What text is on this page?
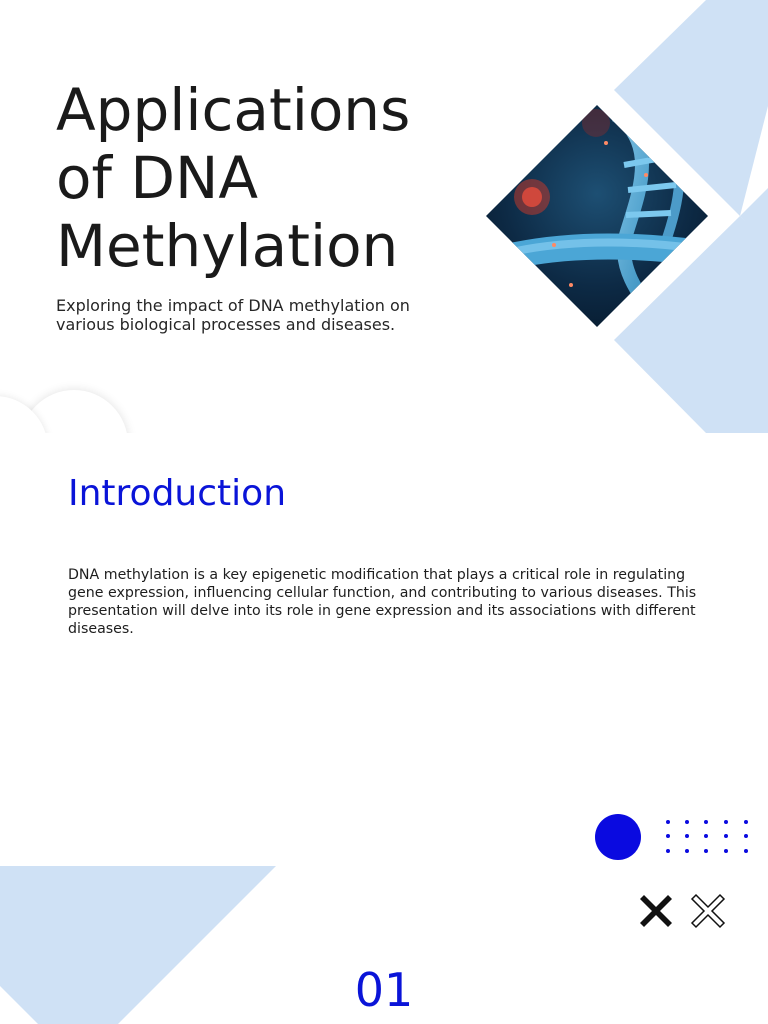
Applications of DNA Methylation

Exploring the impact of DNA methylation on various biological processes and diseases.

Introduction

DNA methylation is a key epigenetic modification that plays a critical role in regulating gene expression, influencing cellular function, and contributing to various diseases. This presentation will delve into its role in gene expression and its associations with different diseases.

01
